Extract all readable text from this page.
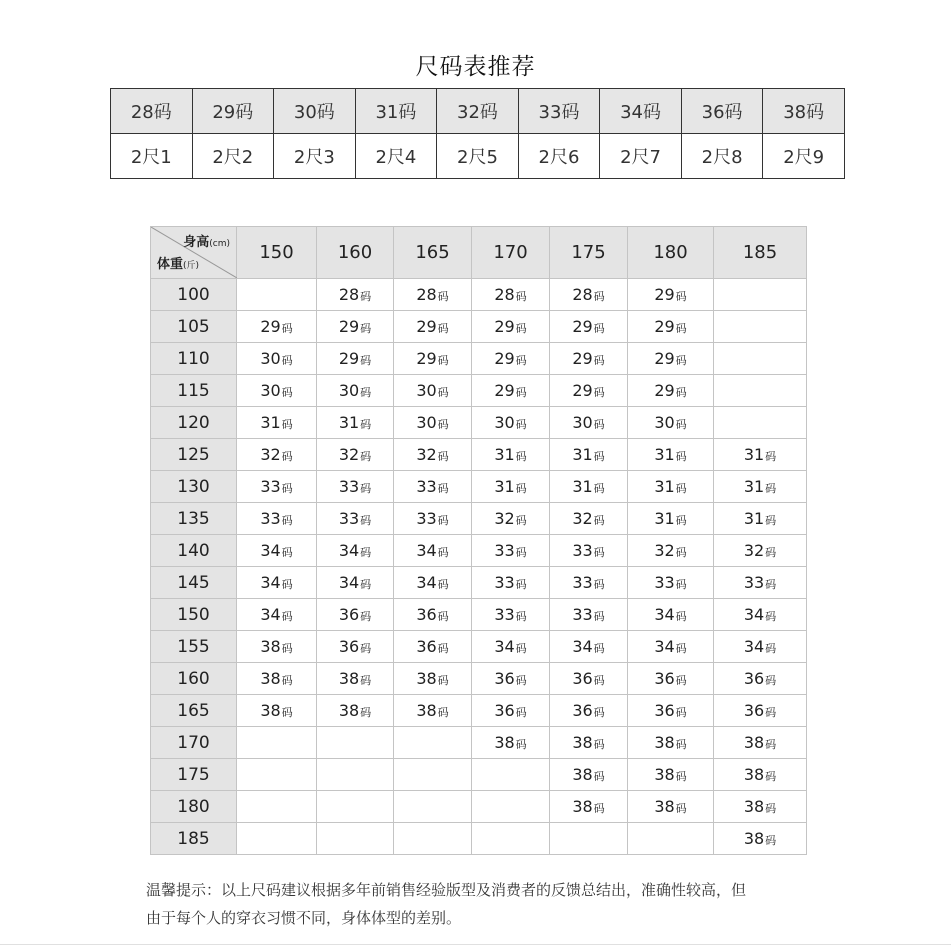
尺码表推荐
28码	29码	30码	31码	32码	33码	34码	36码	38码
2尺1	2尺2	2尺3	2尺4	2尺5	2尺6	2尺7	2尺8	2尺9
身高(cm)
体重(斤)	150	160	165	170	175	180	185
100		28码	28码	28码	28码	29码	
105	29码	29码	29码	29码	29码	29码	
110	30码	29码	29码	29码	29码	29码	
115	30码	30码	30码	29码	29码	29码	
120	31码	31码	30码	30码	30码	30码	
125	32码	32码	32码	31码	31码	31码	31码
130	33码	33码	33码	31码	31码	31码	31码
135	33码	33码	33码	32码	32码	31码	31码
140	34码	34码	34码	33码	33码	32码	32码
145	34码	34码	34码	33码	33码	33码	33码
150	34码	36码	36码	33码	33码	34码	34码
155	38码	36码	36码	34码	34码	34码	34码
160	38码	38码	38码	36码	36码	36码	36码
165	38码	38码	38码	36码	36码	36码	36码
170				38码	38码	38码	38码
175					38码	38码	38码
180					38码	38码	38码
185							38码
温馨提示：以上尺码建议根据多年前销售经验版型及消费者的反馈总结出，准确性较高，但
由于每个人的穿衣习惯不同，身体体型的差别。
